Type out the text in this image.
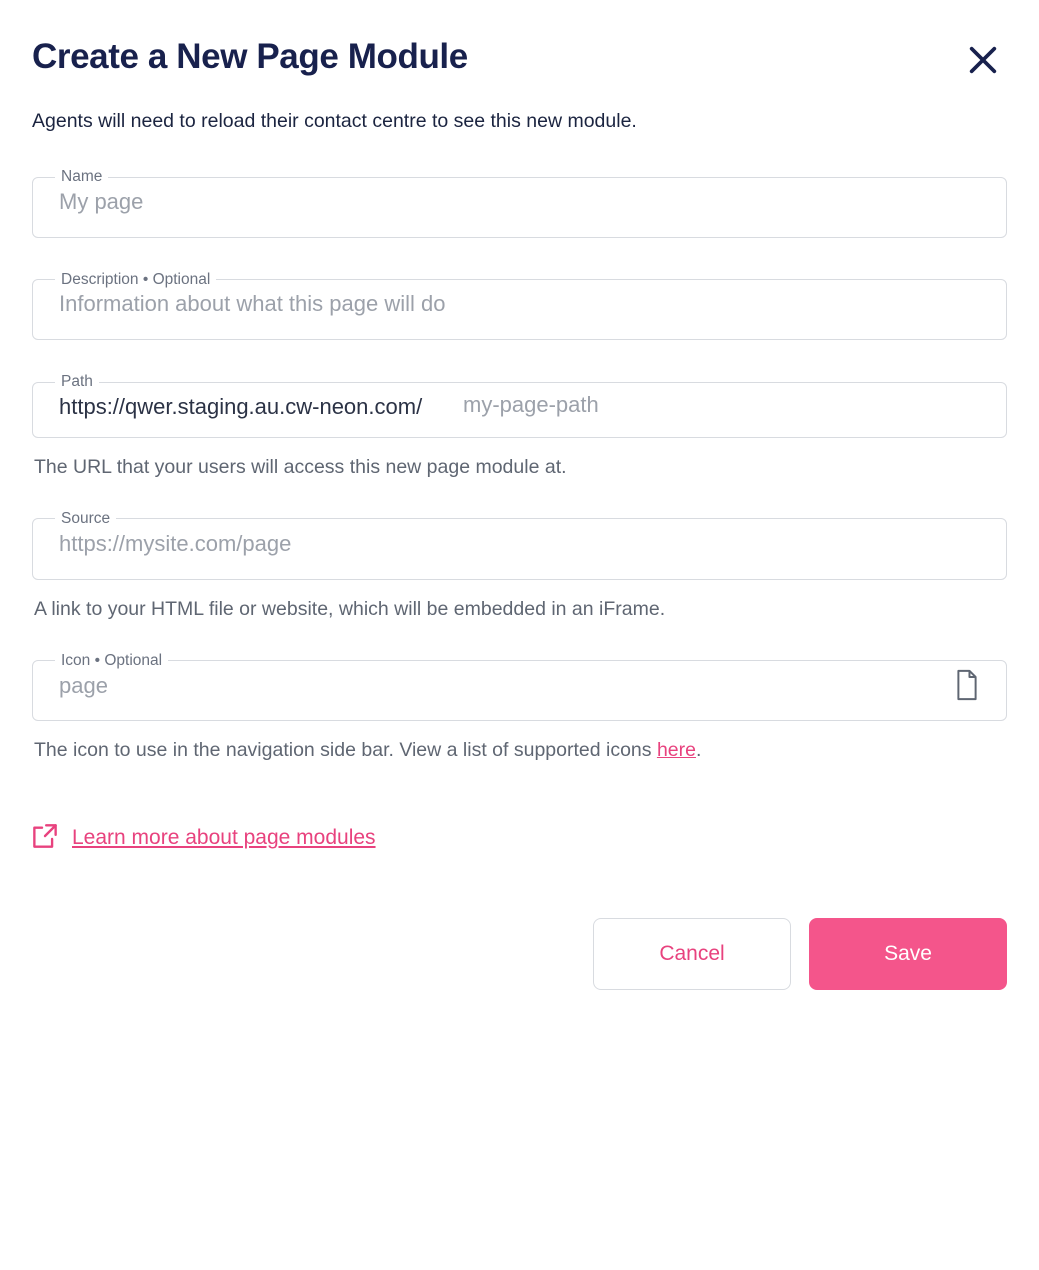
Create a New Page Module

Agents will need to reload their contact centre to see this new module.

Name
My page
Description • Optional
Information about what this page will do
Path
https://qwer.staging.au.cw-neon.com/
my-page-path

The URL that your users will access this new page module at.

Source
https://mysite.com/page

A link to your HTML file or website, which will be embedded in an iFrame.

Icon • Optional
page

The icon to use in the navigation side bar. View a list of supported icons here.

Learn more about page modules
Cancel	Save
